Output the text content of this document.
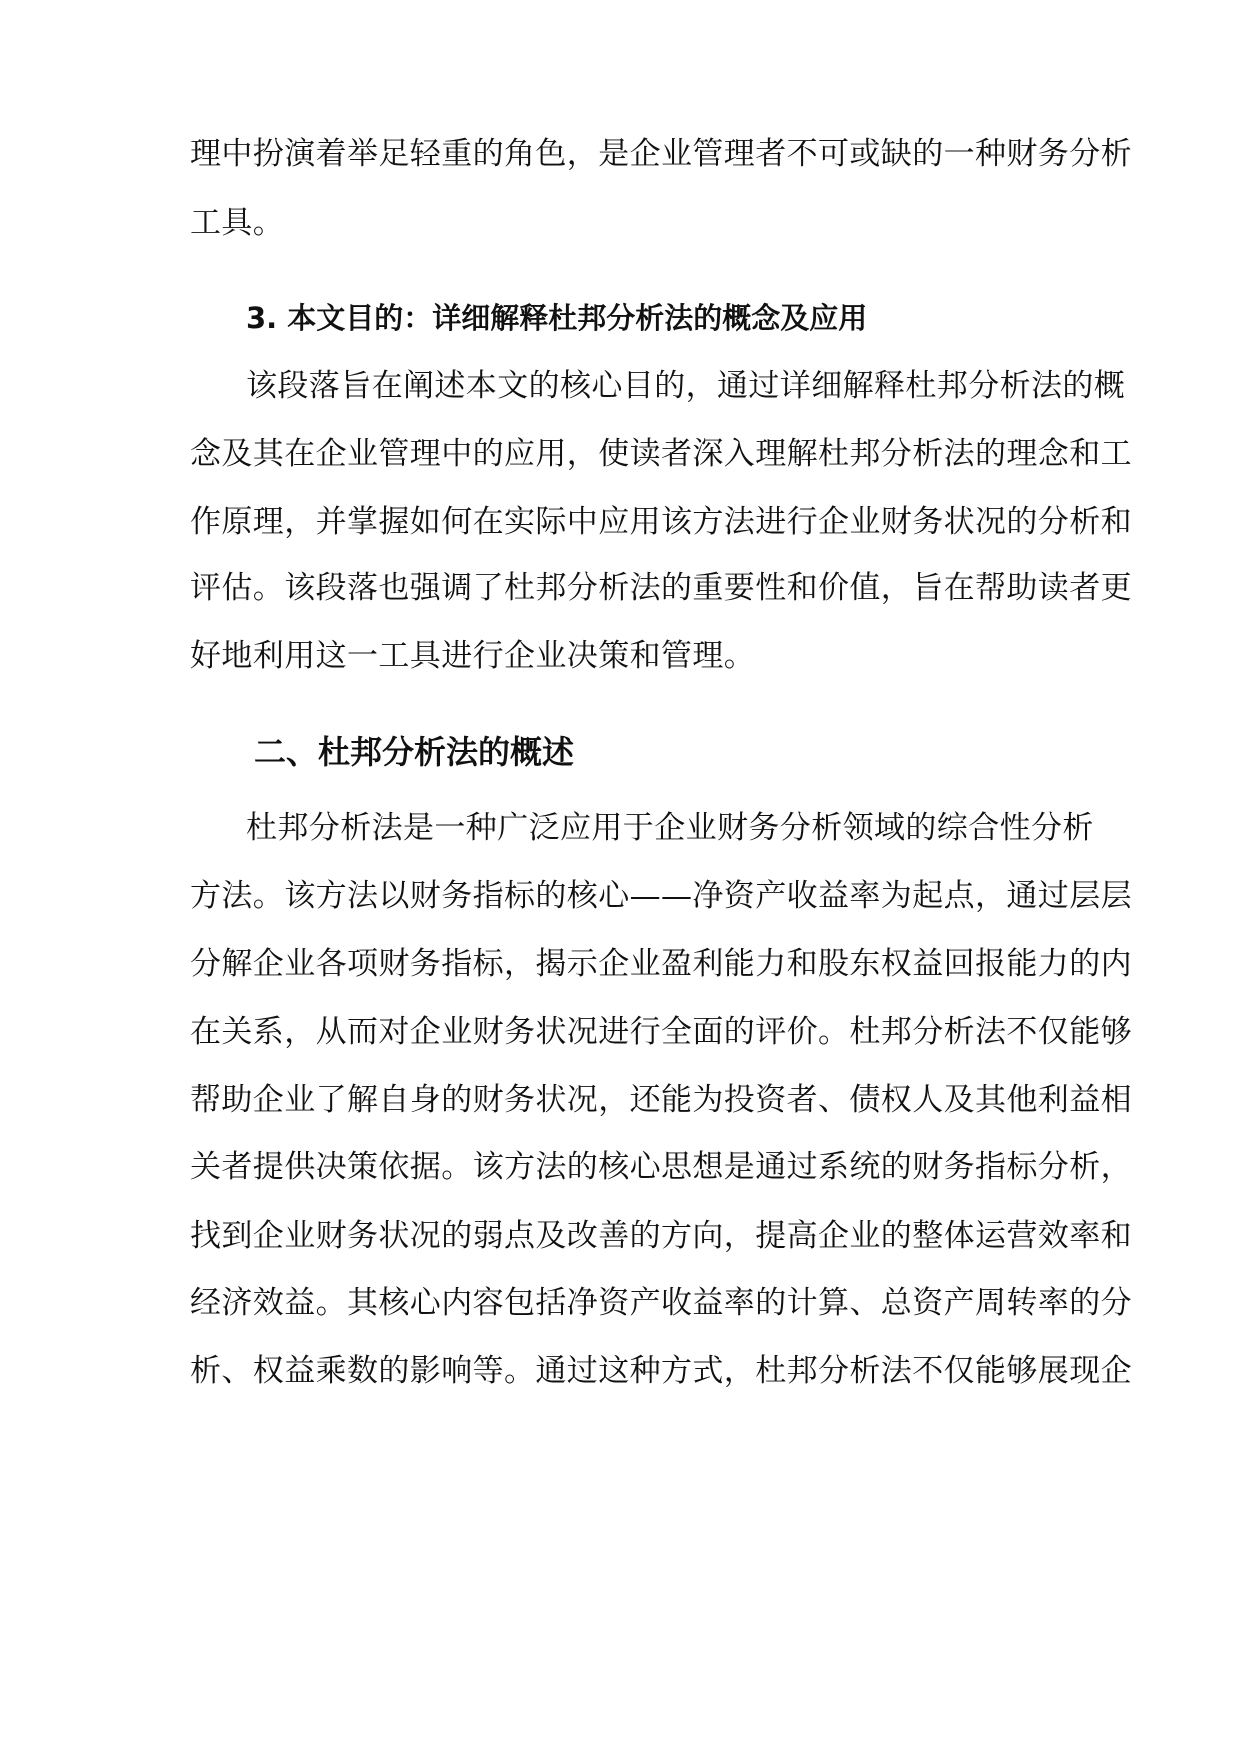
理中扮演着举足轻重的角色，是企业管理者不可或缺的一种财务分析
工具。
3. 本文目的：详细解释杜邦分析法的概念及应用
该段落旨在阐述本文的核心目的，通过详细解释杜邦分析法的概
念及其在企业管理中的应用，使读者深入理解杜邦分析法的理念和工
作原理，并掌握如何在实际中应用该方法进行企业财务状况的分析和
评估。该段落也强调了杜邦分析法的重要性和价值，旨在帮助读者更
好地利用这一工具进行企业决策和管理。
二、杜邦分析法的概述
杜邦分析法是一种广泛应用于企业财务分析领域的综合性分析
方法。该方法以财务指标的核心——净资产收益率为起点，通过层层
分解企业各项财务指标，揭示企业盈利能力和股东权益回报能力的内
在关系，从而对企业财务状况进行全面的评价。杜邦分析法不仅能够
帮助企业了解自身的财务状况，还能为投资者、债权人及其他利益相
关者提供决策依据。该方法的核心思想是通过系统的财务指标分析，
找到企业财务状况的弱点及改善的方向，提高企业的整体运营效率和
经济效益。其核心内容包括净资产收益率的计算、总资产周转率的分
析、权益乘数的影响等。通过这种方式，杜邦分析法不仅能够展现企
